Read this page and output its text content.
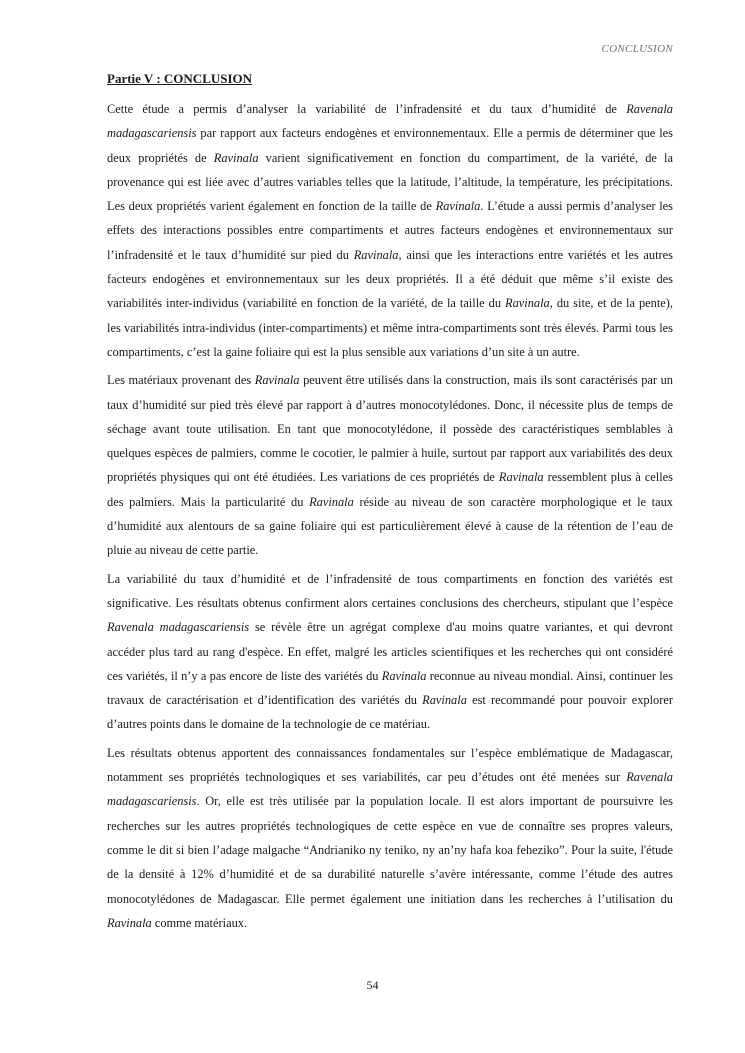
CONCLUSION
Partie V : CONCLUSION

Cette étude a permis d’analyser la variabilité de l’infradensité et du taux d’humidité de Ravenala madagascariensis par rapport aux facteurs endogènes et environnementaux. Elle a permis de déterminer que les deux propriétés de Ravinala varient significativement en fonction du compartiment, de la variété, de la provenance qui est liée avec d’autres variables telles que la latitude, l’altitude, la température, les précipitations. Les deux propriétés varient également en fonction de la taille de Ravinala. L’étude a aussi permis d’analyser les effets des interactions possibles entre compartiments et autres facteurs endogènes et environnementaux sur l’infradensité et le taux d’humidité sur pied du Ravinala, ainsi que les interactions entre variétés et les autres facteurs endogènes et environnementaux sur les deux propriétés. Il a été déduit que même s’il existe des variabilités inter-individus (variabilité en fonction de la variété, de la taille du Ravinala, du site, et de la pente), les variabilités intra-individus (inter-compartiments) et même intra-compartiments sont très élevés. Parmi tous les compartiments, c’est la gaine foliaire qui est la plus sensible aux variations d’un site à un autre.

Les matériaux provenant des Ravinala peuvent être utilisés dans la construction, mais ils sont caractérisés par un taux d’humidité sur pied très élevé par rapport à d’autres monocotylédones. Donc, il nécessite plus de temps de séchage avant toute utilisation. En tant que monocotylédone, il possède des caractéristiques semblables à quelques espèces de palmiers, comme le cocotier, le palmier à huile, surtout par rapport aux variabilités des deux propriétés physiques qui ont été étudiées. Les variations de ces propriétés de Ravinala ressemblent plus à celles des palmiers. Mais la particularité du Ravinala réside au niveau de son caractère morphologique et le taux d’humidité aux alentours de sa gaine foliaire qui est particulièrement élevé à cause de la rétention de l’eau de pluie au niveau de cette partie.

La variabilité du taux d’humidité et de l’infradensité de tous compartiments en fonction des variétés est significative. Les résultats obtenus confirment alors certaines conclusions des chercheurs, stipulant que l’espèce Ravenala madagascariensis se révèle être un agrégat complexe d'au moins quatre variantes, et qui devront accéder plus tard au rang d'espèce. En effet, malgré les articles scientifiques et les recherches qui ont considéré ces variétés, il n’y a pas encore de liste des variétés du Ravinala reconnue au niveau mondial. Ainsi, continuer les travaux de caractérisation et d’identification des variétés du Ravinala est recommandé pour pouvoir explorer d’autres points dans le domaine de la technologie de ce matériau.

Les résultats obtenus apportent des connaissances fondamentales sur l’espèce emblématique de Madagascar, notamment ses propriétés technologiques et ses variabilités, car peu d’études ont été menées sur Ravenala madagascariensis. Or, elle est très utilisée par la population locale. Il est alors important de poursuivre les recherches sur les autres propriétés technologiques de cette espèce en vue de connaître ses propres valeurs, comme le dit si bien l’adage malgache “Andrianiko ny teniko, ny an’ny hafa koa feheziko”. Pour la suite, l'étude de la densité à 12% d’humidité et de sa durabilité naturelle s’avère intéressante, comme l’étude des autres monocotylédones de Madagascar. Elle permet également une initiation dans les recherches à l’utilisation du Ravinala comme matériaux.

54
